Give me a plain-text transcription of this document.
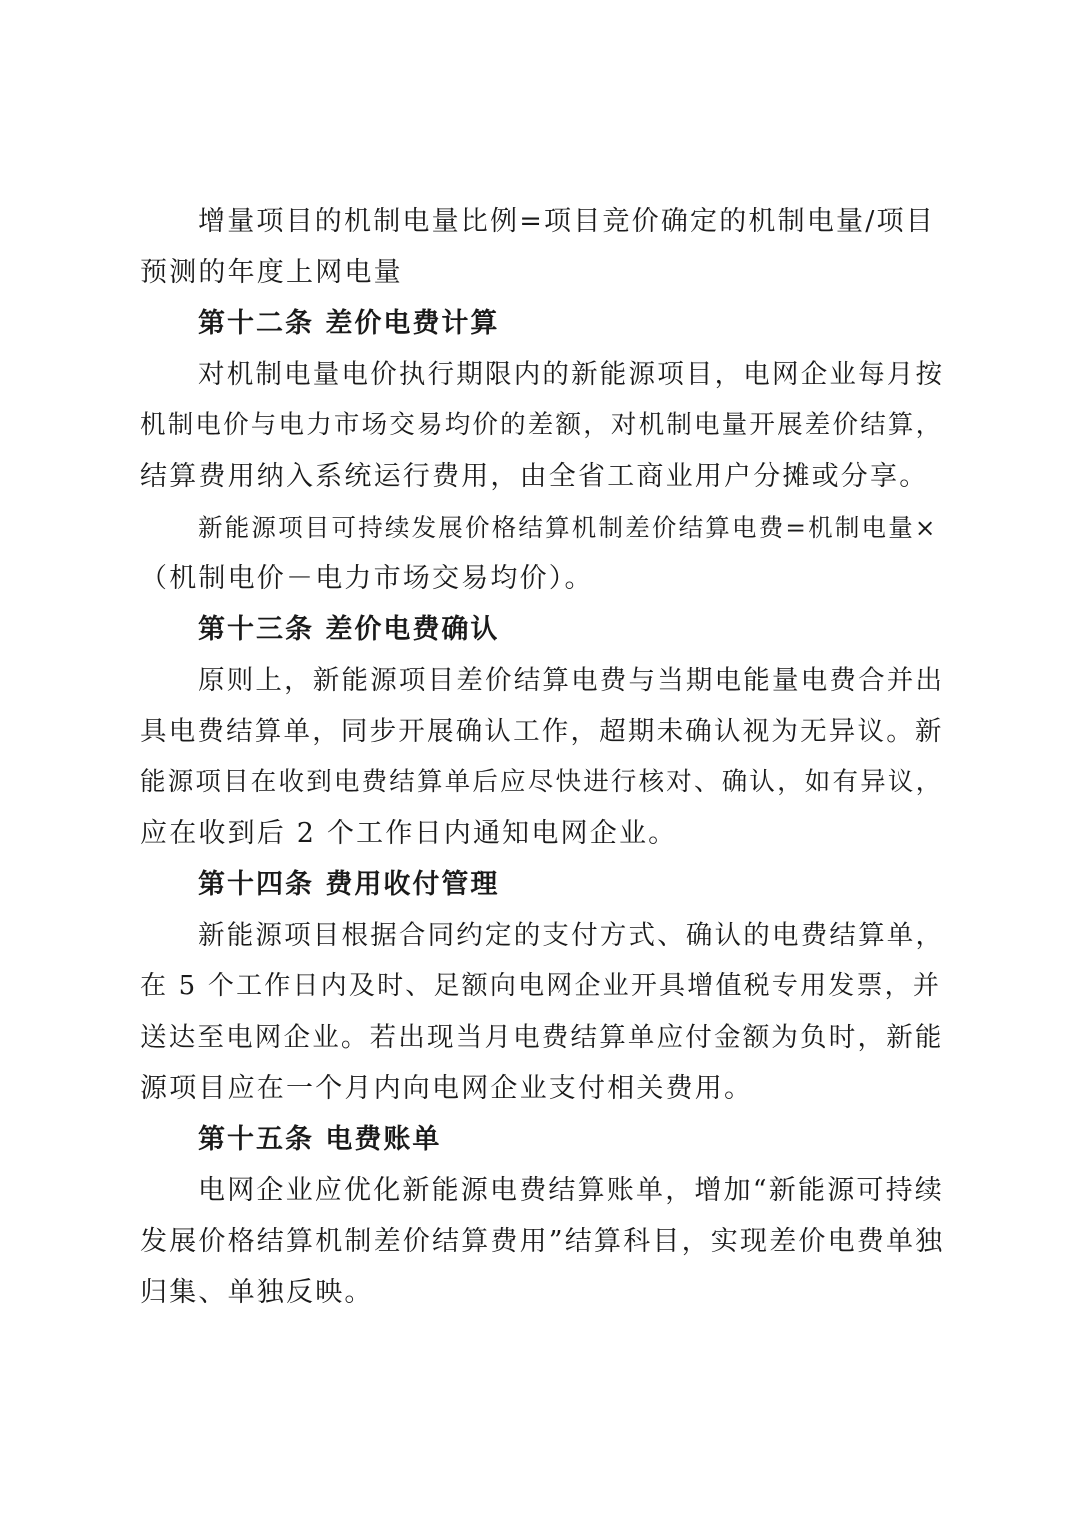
增量项目的机制电量比例=项目竞价确定的机制电量/项目
预测的年度上网电量
第十二条 差价电费计算
对机制电量电价执行期限内的新能源项目，电网企业每月按
机制电价与电力市场交易均价的差额，对机制电量开展差价结算，
结算费用纳入系统运行费用，由全省工商业用户分摊或分享。
新能源项目可持续发展价格结算机制差价结算电费=机制电量×
（机制电价－电力市场交易均价）。
第十三条 差价电费确认
原则上，新能源项目差价结算电费与当期电能量电费合并出
具电费结算单，同步开展确认工作，超期未确认视为无异议。新
能源项目在收到电费结算单后应尽快进行核对、确认，如有异议，
应在收到后 2 个工作日内通知电网企业。
第十四条 费用收付管理
新能源项目根据合同约定的支付方式、确认的电费结算单，
在 5 个工作日内及时、足额向电网企业开具增值税专用发票，并
送达至电网企业。若出现当月电费结算单应付金额为负时，新能
源项目应在一个月内向电网企业支付相关费用。
第十五条 电费账单
电网企业应优化新能源电费结算账单，增加“新能源可持续
发展价格结算机制差价结算费用”结算科目，实现差价电费单独
归集、单独反映。
